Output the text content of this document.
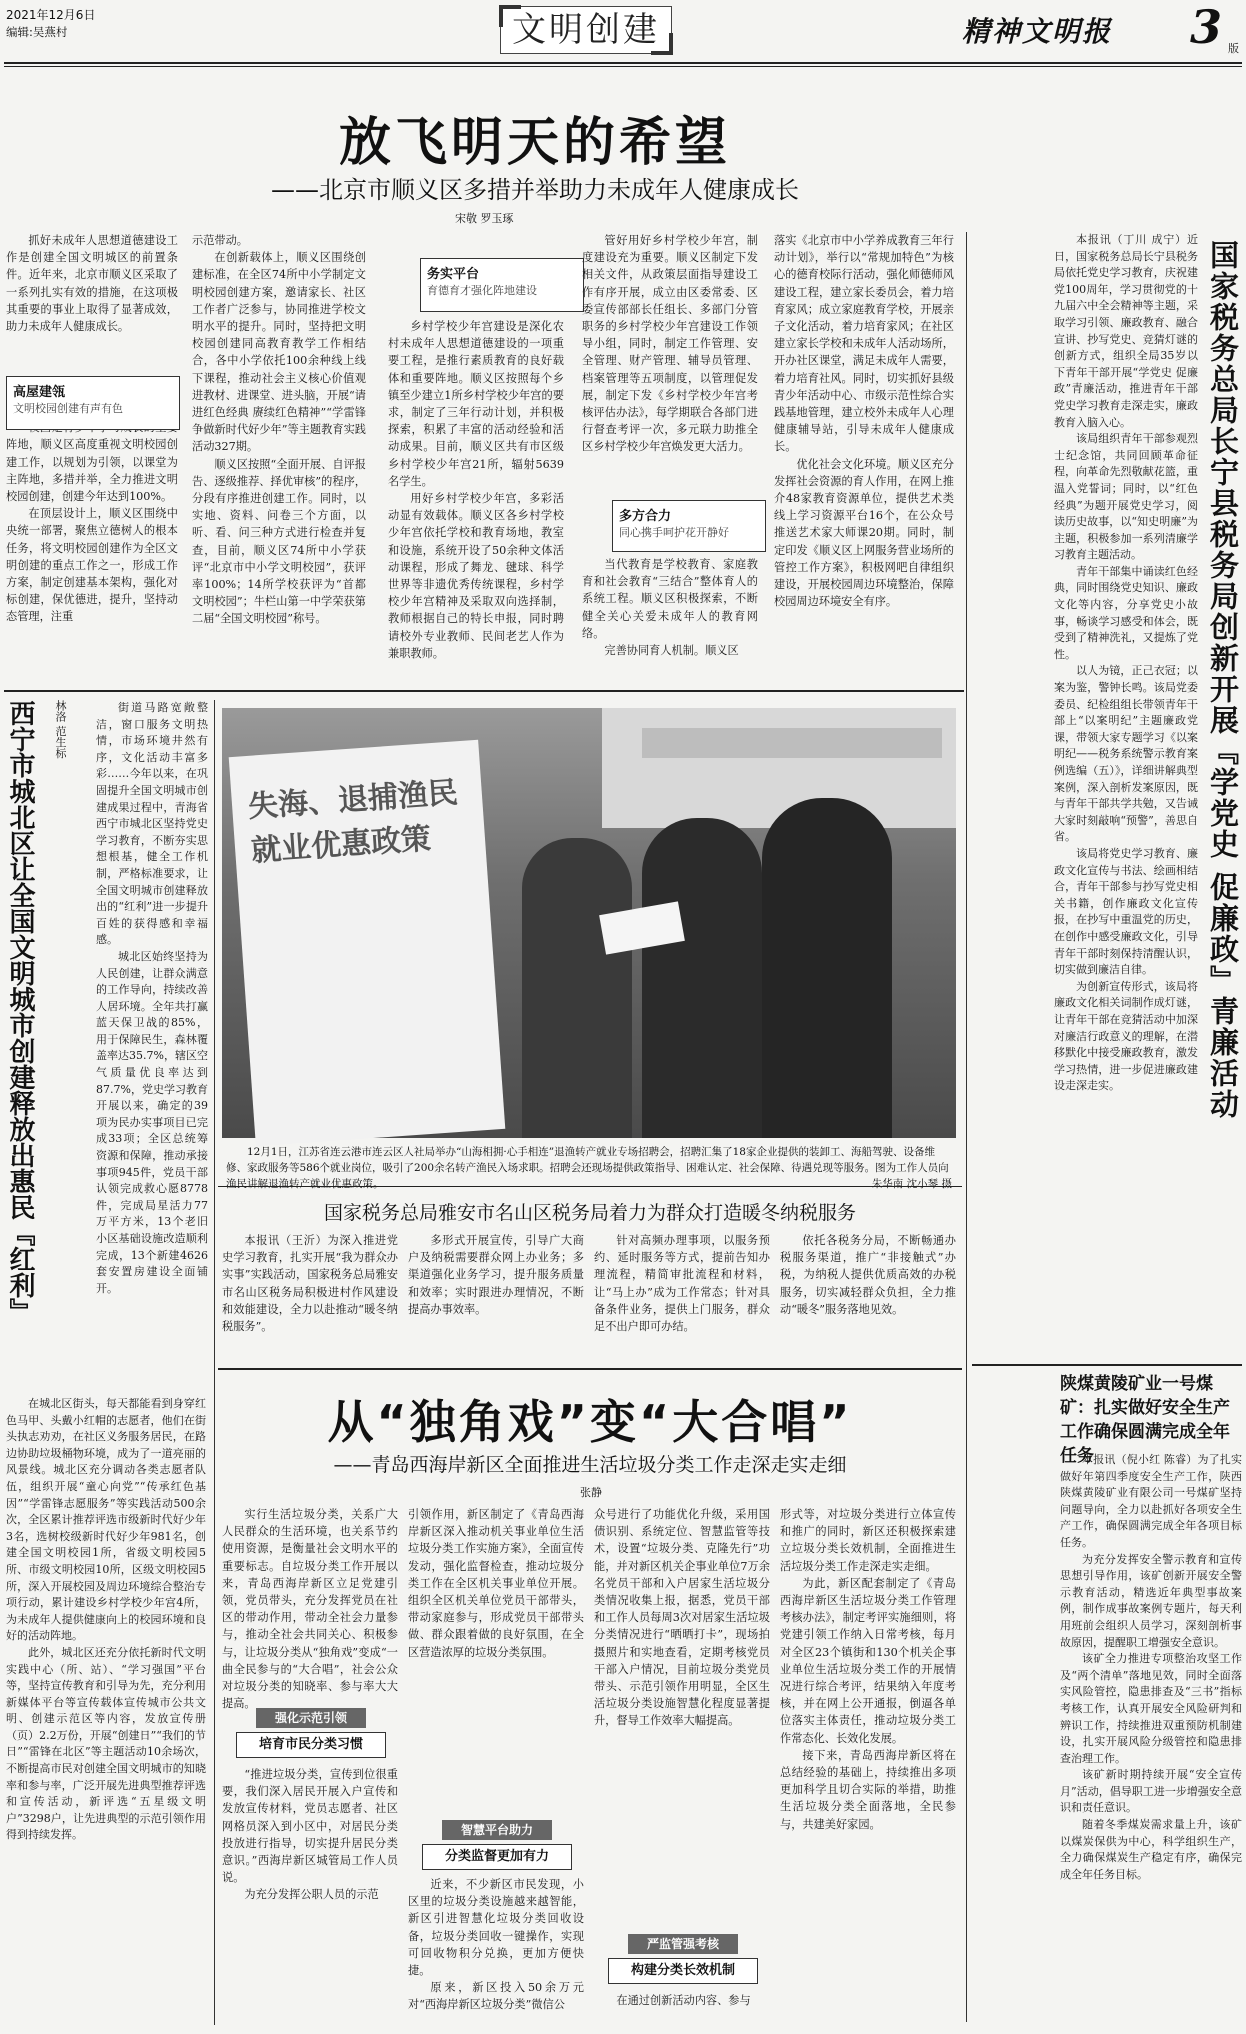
2021年12月6日
编辑:吴燕村	文明创建	精神文明报 3 版
放飞明天的希望
——北京市顺义区多措并举助力未成年人健康成长
宋敬 罗玉琢

抓好未成年人思想道德建设工作是创建全国文明城区的前置条件。近年来，北京市顺义区采取了一系列扎实有效的措施，在这项极其重要的事业上取得了显著成效，助力未成年人健康成长。

阵地，顺义区高度重视文明校园创建工作，以规划为引领，以课堂为主阵地，多措并举，全力推进文明校园创建，创建今年达到100%。

在顶层设计上，顺义区围绕中央统一部署，聚焦立德树人的根本任务，将文明校园创建作为全区文明创建的重点工作之一，形成工作方案，制定创建基本架构，强化对标创建，保优德进，提升，坚持动态管理，注重

高屋建瓴
文明校园创建有声有色

示范带动。

在创新载体上，顺义区围绕创建标准，在全区74所中小学制定文明校园创建方案，邀请家长、社区工作者广泛参与，协同推进学校文明水平的提升。同时，坚持把文明校园创建同高教育教学工作相结合，各中小学依托100余种线上线下课程，推动社会主义核心价值观进教材、进课堂、进头脑，开展“请进红色经典 赓续红色精神”“学雷锋 争做新时代好少年”等主题教育实践活动327期。

顺义区按照“全面开展、自评报告、逐级推荐、择优审核”的程序，分段有序推进创建工作。同时，以实地、资料、问卷三个方面，以听、看、问三种方式进行检查并复查，目前，顺义区74所中小学获评“北京市中小学文明校园”，获评率100%；14所学校获评为“首都文明校园”；牛栏山第一中学荣获第二届“全国文明校园”称号。

务实平台
育德育才强化阵地建设

乡村学校少年宫建设是深化农村未成年人思想道德建设的一项重要工程，是推行素质教育的良好载体和重要阵地。顺义区按照每个乡镇至少建立1所乡村学校少年宫的要求，制定了三年行动计划，并积极探索，积累了丰富的活动经验和活动成果。目前，顺义区共有市区级乡村学校少年宫21所，辐射5639名学生。

用好乡村学校少年宫，多彩活动显有效载体。顺义区各乡村学校少年宫依托学校和教育场地，教室和设施，系统开设了50余种文体活动课程，形成了舞龙、毽球、科学世界等非遗优秀传统课程，乡村学校少年宫精神及采取双向选择制，教师根据自己的特长申报，同时聘请校外专业教师、民间老艺人作为兼职教师。

管好用好乡村学校少年宫，制度建设充为重要。顺义区制定下发相关文件，从政策层面指导建设工作有序开展，成立由区委常委、区委宣传部部长任组长、多部门分管职务的乡村学校少年宫建设工作领导小组，同时，制定工作管理、安全管理、财产管理、辅导员管理、档案管理等五项制度，以管理促发展，制定下发《乡村学校少年宫考核评估办法》，每学期联合各部门进行督查考评一次，多元联力助推全区乡村学校少年宫焕发更大活力。

多方合力
同心携手呵护花开静好

当代教育是学校教育、家庭教育和社会教育“三结合”整体育人的系统工程。顺义区积极探索，不断健全关心关爱未成年人的教育网络。

完善协同育人机制。顺义区

落实《北京市中小学养成教育三年行动计划》，举行以“常规加特色”为核心的德育校际行活动，强化师德师风建设工程，建立家长委员会，着力培育家风；成立家庭教育学校，开展亲子文化活动，着力培育家风；在社区建立家长学校和未成年人活动场所，开办社区课堂，满足未成年人需要，着力培育社风。同时，切实抓好县级青少年活动中心、市级示范性综合实践基地管理，建立校外未成年人心理健康辅导站，引导未成年人健康成长。

优化社会文化环境。顺义区充分发挥社会资源的育人作用，在网上推介48家教育资源单位，提供艺术类线上学习资源平台16个，在公众号推送艺术家大师课20期。同时，制定印发《顺义区上网服务营业场所的管控工作方案》，积极网吧自律组织建设，开展校园周边环境整治，保障校园周边环境安全有序。	国家税务总局长宁县税务局创新开展『学党史 促廉政』青廉活动

本报讯（丁川 成宁）近日，国家税务总局长宁县税务局依托党史学习教育，庆祝建党100周年，学习贯彻党的十九届六中全会精神等主题，采取学习引领、廉政教育、融合宣讲、抄写党史、竞猜灯谜的创新方式，组织全局35岁以下青年干部开展“学党史 促廉政”青廉活动，推进青年干部党史学习教育走深走实，廉政教育入脑入心。

该局组织青年干部参观烈士纪念馆，共同回顾革命征程，向革命先烈敬献花篮，重温入党誓词；同时，以“红色经典”为题开展党史学习，阅读历史故事，以“知史明廉”为主题，积极参加一系列清廉学习教育主题活动。

青年干部集中诵读红色经典，同时围绕党史知识、廉政文化等内容，分享党史小故事，畅谈学习感受和体会，既受到了精神洗礼，又提炼了党性。

以人为镜，正己衣冠；以案为鉴，警钟长鸣。该局党委委员、纪检组组长带领青年干部上“以案明纪”主题廉政党课，带领大家专题学习《以案明纪——税务系统警示教育案例选编（五）》，详细讲解典型案例，深入剖析发案原因，既与青年干部共学共勉，又告诫大家时刻敲响“预警”，善思自省。

该局将党史学习教育、廉政文化宣传与书法、绘画相结合，青年干部参与抄写党史相关书籍，创作廉政文化宣传报，在抄写中重温党的历史，在创作中感受廉政文化，引导青年干部时刻保持清醒认识，切实做到廉洁自律。

为创新宣传形式，该局将廉政文化相关词制作成灯谜，让青年干部在竞猜活动中加深对廉洁行政意义的理解，在潜移默化中接受廉政教育，激发学习热情，进一步促进廉政建设走深走实。

陕煤黄陵矿业一号煤矿：扎实做好安全生产工作确保圆满完成全年任务

本报讯（倪小红 陈睿）为了扎实做好年第四季度安全生产工作，陕西陕煤黄陵矿业有限公司一号煤矿坚持问题导向，全力以赴抓好各项安全生产工作，确保圆满完成全年各项目标任务。

为充分发挥安全警示教育和宣传思想引导作用，该矿创新开展安全警示教育活动，精选近年典型事故案例，制作成事故案例专题片，每天利用班前会组织人员学习，深刻剖析事故原因，提醒职工增强安全意识。

该矿全力推进专项整治攻坚工作及“两个清单”落地见效，同时全面落实风险管控，隐患排查及“三书”指标考核工作，认真开展安全风险研判和辨识工作，持续推进双重预防机制建设，扎实开展风险分级管控和隐患排查治理工作。

该矿新时期持续开展“安全宣传月”活动，倡导职工进一步增强安全意识和责任意识。

随着冬季煤炭需求量上升，该矿以煤炭保供为中心，科学组织生产，全力确保煤炭生产稳定有序，确保完成全年任务目标。

西宁市城北区让全国文明城市创建释放出惠民『红利』 林洛 范生标	街道马路宽敞整洁，窗口服务文明热情，市场环境井然有序，文化活动丰富多彩……今年以来，在巩固提升全国文明城市创建成果过程中，青海省西宁市城北区坚持党史学习教育，不断夯实思想根基，健全工作机制，严格标准要求，让全国文明城市创建释放出的“红利”进一步提升百姓的获得感和幸福感。

城北区始终坚持为人民创建，让群众满意的工作导向，持续改善人居环境。全年共打赢蓝天保卫战的85%，用于保障民生，森林覆盖率达35.7%，辖区空气质量优良率达到87.7%，党史学习教育开展以来，确定的39项为民办实事项目已完成33项；全区总统筹资源和保障，推动承接事项945件，党员干部认领完成救心愿8778件，完成局星活力77万平方米，13个老旧小区基础设施改造顺利完成，13个新建4626套安置房建设全面铺开。

在城北区街头，每天都能看到身穿红色马甲、头戴小红帽的志愿者，他们在街头执志劝劝，在社区义务服务居民，在路边协助垃圾桶物环境，成为了一道亮丽的风景线。城北区充分调动各类志愿者队伍，组织开展“童心向党”“传承红色基因”“学雷锋志愿服务”等实践活动500余次，全区累计推荐评选市级新时代好少年3名，选树校级新时代好少年981名，创建全国文明校园1所，省级文明校园5所、市级文明校园10所，区级文明校园5所，深入开展校园及周边环境综合整治专项行动，累计建设乡村学校少年宫4所，为未成年人提供健康向上的校园环境和良好的活动阵地。

此外，城北区还充分依托新时代文明实践中心（所、站）、“学习强国”平台等，坚持宣传教育和引导为先，充分利用新媒体平台等宣传载体宣传城市公共文明、创建示范区等内容，发放宣传册（页）2.2万份，开展“创建日”“我们的节日”“雷锋在北区”等主题活动10余场次，不断提高市民对创建全国文明城市的知晓率和参与率，广泛开展先进典型推荐评选和宣传活动，新评选“五星级文明户”3298户，让先进典型的示范引领作用得到持续发挥。

失海、退捕渔民就业优惠政策
12月1日，江苏省连云港市连云区人社局举办“山海相拥·心手相连”退渔转产就业专场招聘会，招聘汇集了18家企业提供的装卸工、海船驾驶、设备维修、家政服务等586个就业岗位，吸引了200余名转产渔民入场求职。招聘会还现场提供政策指导、困难认定、社会保障、待遇兑现等服务。图为工作人员向渔民讲解退渔转产就业优惠政策。	朱华南 沈小琴 摄
国家税务总局雅安市名山区税务局着力为群众打造暖冬纳税服务

本报讯（王沂）为深入推进党史学习教育，扎实开展“我为群众办实事”实践活动，国家税务总局雅安市名山区税务局积极进村作风建设和效能建设，全力以赴推动“暖冬纳税服务”。

多形式开展宣传，引导广大商户及纳税需要群众网上办业务；多渠道强化业务学习，提升服务质量和效率；实时跟进办理情况，不断提高办事效率。

针对高频办理事项，以服务预约、延时服务等方式，提前告知办理流程，精简审批流程和材料，让“马上办”成为工作常态；针对具备条件业务，提供上门服务，群众足不出户即可办结。

依托各税务分局，不断畅通办税服务渠道，推广“非接触式”办税，为纳税人提供优质高效的办税服务，切实减轻群众负担，全力推动“暖冬”服务落地见效。

从“独角戏”变“大合唱”
——青岛西海岸新区全面推进生活垃圾分类工作走深走实走细
张静

实行生活垃圾分类，关系广大人民群众的生活环境，也关系节约使用资源，是衡量社会文明水平的重要标志。自垃圾分类工作开展以来，青岛西海岸新区立足党建引领，党员带头，充分发挥党员在社区的带动作用，带动全社会力量参与，推动全社会共同关心、积极参与，让垃圾分类从“独角戏”变成“一曲全民参与的“大合唱”，社会公众对垃圾分类的知晓率、参与率大大提高。

强化示范引领
培育市民分类习惯

“推进垃圾分类，宣传到位很重要，我们深入居民开展入户宣传和发放宣传材料，党员志愿者、社区网格员深入到小区中，对居民分类投放进行指导，切实提升居民分类意识。”西海岸新区城管局工作人员说。

为充分发挥公职人员的示范

引领作用，新区制定了《青岛西海岸新区深入推动机关事业单位生活垃圾分类工作实施方案》，全面宣传发动，强化监督检查，推动垃圾分类工作在全区机关事业单位开展。组织全区机关单位党员干部带头，带动家庭参与，形成党员干部带头做、群众跟着做的良好氛围，在全区营造浓厚的垃圾分类氛围。

智慧平台助力
分类监督更加有力

近来，不少新区市民发现，小区里的垃圾分类设施越来越智能，新区引进智慧化垃圾分类回收设备，垃圾分类回收一键操作，实现可回收物积分兑换，更加方便快捷。

原来，新区投入50余万元对“西海岸新区垃圾分类”微信公

众号进行了功能优化升级，采用国债识别、系统定位、智慧监管等技术，设置“垃圾分类、克隆先行”功能，并对新区机关企事业单位7万余名党员干部和入户居家生活垃圾分类情况收集上报，据悉，党员干部和工作人员每周3次对居家生活垃圾分类情况进行“晒晒打卡”，现场拍摄照片和实地查看，定期考核党员干部入户情况，目前垃圾分类党员带头、示范引领作用明显，全区生活垃圾分类设施智慧化程度显著提升，督导工作效率大幅提高。

严监管强考核
构建分类长效机制

在通过创新活动内容、参与

形式等，对垃圾分类进行立体宣传和推广的同时，新区还积极探索建立垃圾分类长效机制，全面推进生活垃圾分类工作走深走实走细。

为此，新区配套制定了《青岛西海岸新区生活垃圾分类工作管理考核办法》，制定考评实施细则，将党建引领工作纳入日常考核，每月对全区23个镇街和130个机关企事业单位生活垃圾分类工作的开展情况进行综合考评，结果纳入年度考核，并在网上公开通报，倒逼各单位落实主体责任，推动垃圾分类工作常态化、长效化发展。

接下来，青岛西海岸新区将在总结经验的基础上，持续推出多项更加科学且切合实际的举措，助推生活垃圾分类全面落地，全民参与，共建美好家园。
